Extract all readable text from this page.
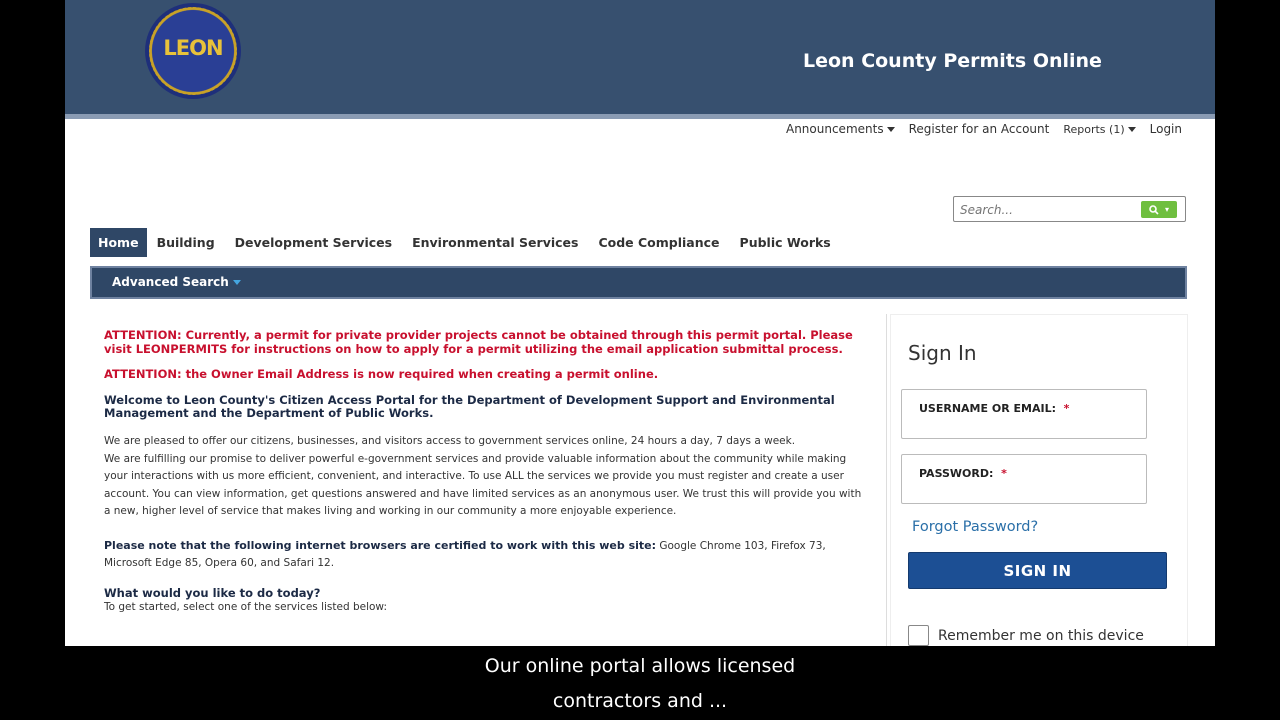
LEON
Leon County Permits Online
Announcements Register for an Account Reports (1) Login
Search...
▾
Home	Building	Development Services	Environmental Services	Code Compliance	Public Works
Advanced Search

ATTENTION: Currently, a permit for private provider projects cannot be obtained through this permit portal. Please visit LEONPERMITS for instructions on how to apply for a permit utilizing the email application submittal process.

ATTENTION: the Owner Email Address is now required when creating a permit online.

Welcome to Leon County's Citizen Access Portal for the Department of Development Support and Environmental Management and the Department of Public Works.

We are pleased to offer our citizens, businesses, and visitors access to government services online, 24 hours a day, 7 days a week.

We are fulfilling our promise to deliver powerful e-government services and provide valuable information about the community while making your interactions with us more efficient, convenient, and interactive. To use ALL the services we provide you must register and create a user account. You can view information, get questions answered and have limited services as an anonymous user. We trust this will provide you with a new, higher level of service that makes living and working in our community a more enjoyable experience.

Please note that the following internet browsers are certified to work with this web site: Google Chrome 103, Firefox 73, Microsoft Edge 85, Opera 60, and Safari 12.

What would you like to do today?

To get started, select one of the services listed below:

Sign In
USERNAME OR EMAIL: *
PASSWORD: *
Forgot Password?
SIGN IN
Remember me on this device
Our online portal allows licensed
contractors and ...
